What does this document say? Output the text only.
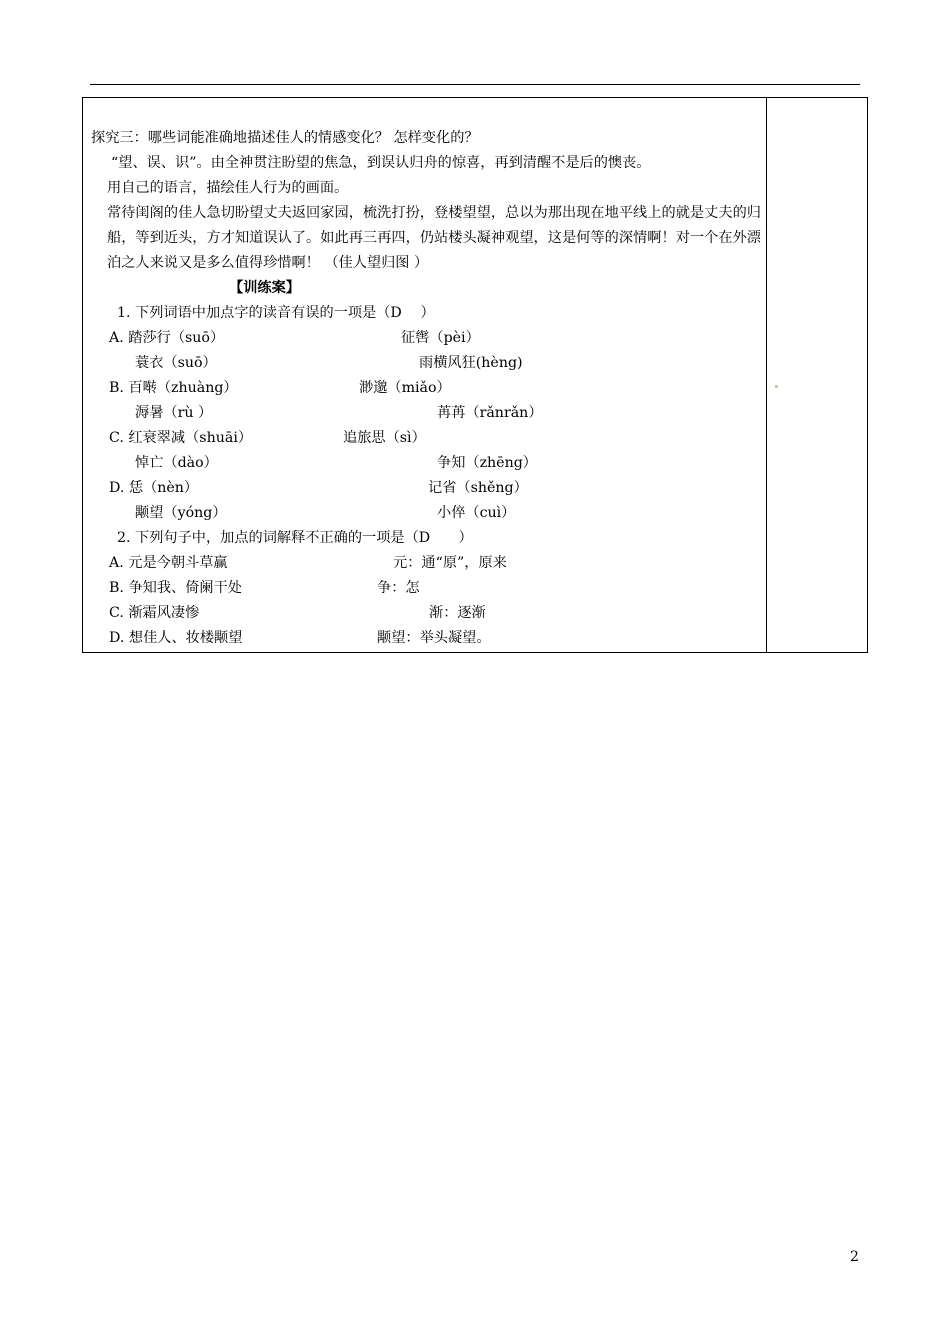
探究三：哪些词能准确地描述佳人的情感变化？ 怎样变化的？
“望、误、识”。由全神贯注盼望的焦急，到误认归舟的惊喜，再到清醒不是后的懊丧。
用自己的语言，描绘佳人行为的画面。
常待闺阁的佳人急切盼望丈夫返回家园，梳洗打扮，登楼望望，总以为那出现在地平线上的就是丈夫的归船，等到近头，方才知道误认了。如此再三再四，仍站楼头凝神观望，这是何等的深情啊！对一个在外漂泊之人来说又是多么值得珍惜啊！ （佳人望归图 ）
【训练案】
1. 下列词语中加点字的读音有误的一项是（D　 ）
A. 踏莎行（suō）	征辔（pèi）
蓑衣（suō）	雨横风狂(hèng)
B. 百啭（zhuàng）	渺邈（miǎo）
溽暑（rù ）	苒苒（rǎnrǎn）
C. 红衰翠减（shuāi）	追旅思（sì）
悼亡（dào）	争知（zhēng）
D. 恁（nèn）	记省（shěng）
颙望（yóng）	小倅（cuì）
2. 下列句子中，加点的词解释不正确的一项是（D　　）
A. 元是今朝斗草赢	元：通“原”，原来
B. 争知我、倚阑干处	争：怎
C. 渐霜风凄惨	渐：逐渐
D. 想佳人、妆楼颙望	颙望：举头凝望。
2
